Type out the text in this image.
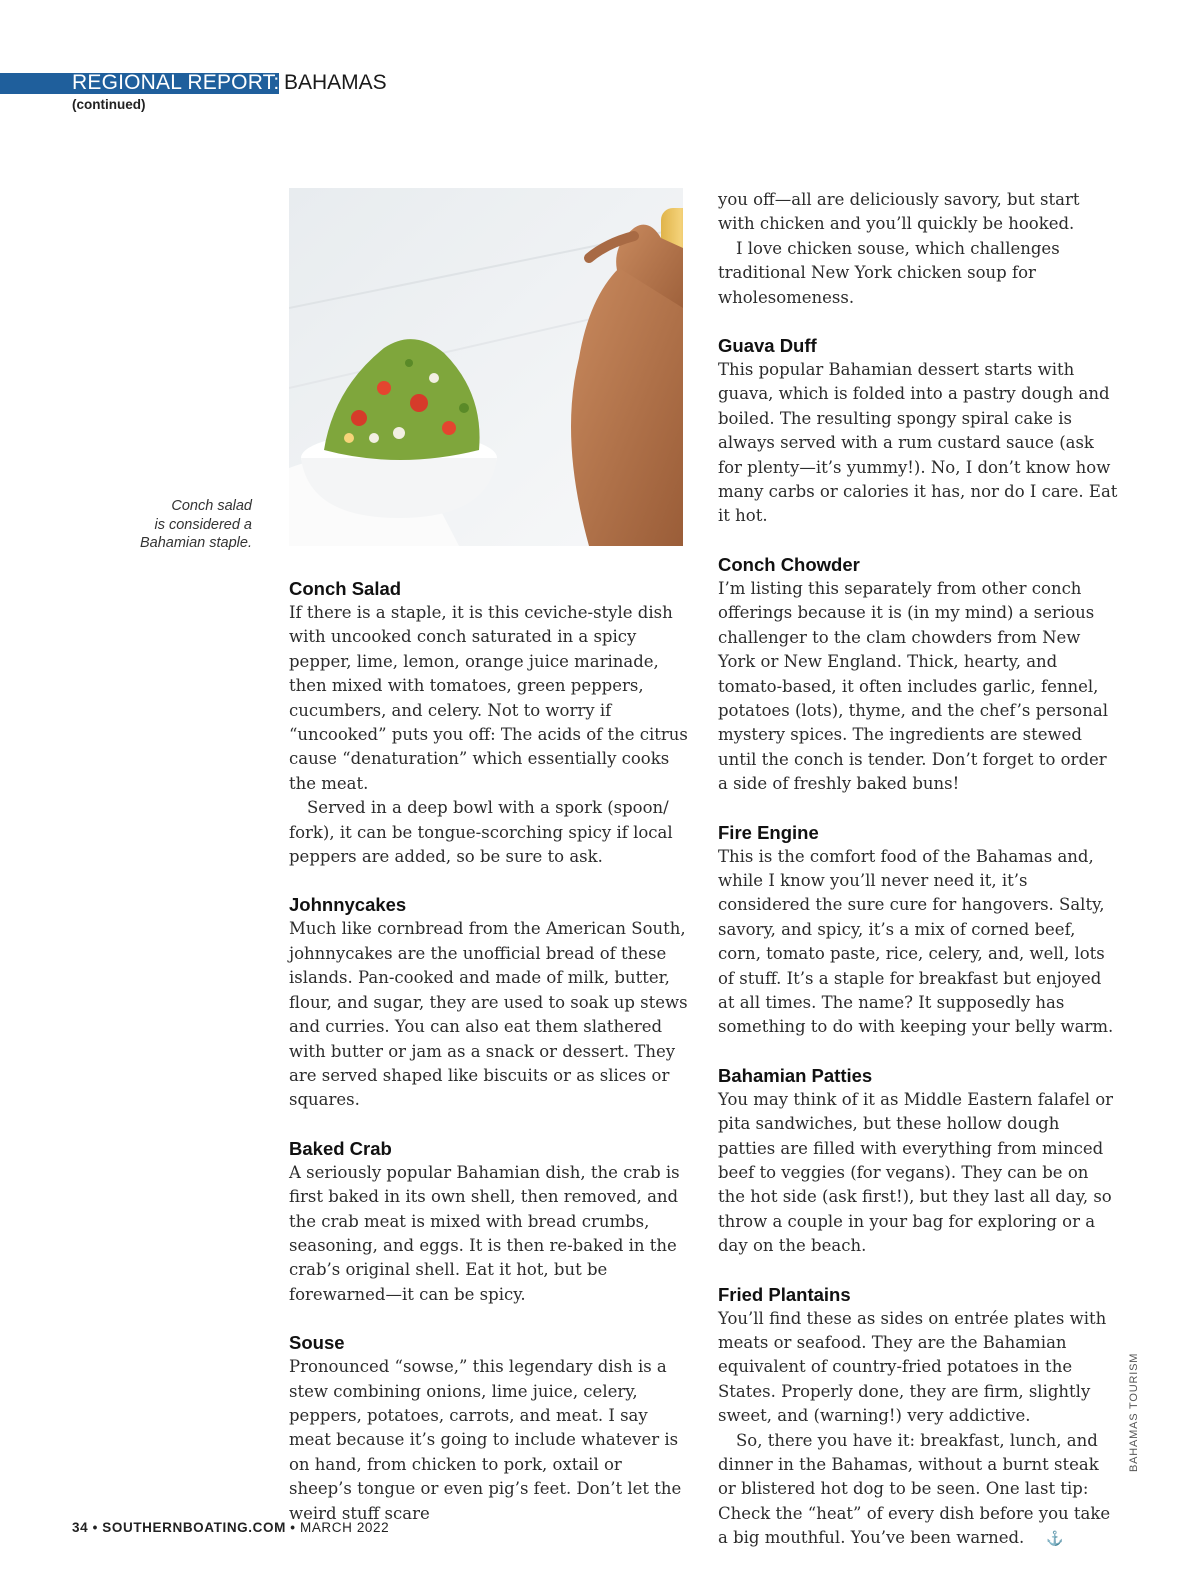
REGIONAL REPORT: BAHAMAS
(continued)
Conch salad
is considered a
Bahamian staple.
Conch Salad

If there is a staple, it is this ceviche-style dish with uncooked conch saturated in a spicy pepper, lime, lemon, orange juice marinade, then mixed with tomatoes, green peppers, cucumbers, and celery. Not to worry if “uncooked” puts you off: The acids of the citrus cause “denaturation” which essentially cooks the meat.

Served in a deep bowl with a spork (spoon/ fork), it can be tongue-scorching spicy if local peppers are added, so be sure to ask.

Johnnycakes

Much like cornbread from the American South, johnnycakes are the unofficial bread of these islands. Pan-cooked and made of milk, butter, flour, and sugar, they are used to soak up stews and curries. You can also eat them slathered with butter or jam as a snack or dessert. They are served shaped like biscuits or as slices or squares.

Baked Crab

A seriously popular Bahamian dish, the crab is first baked in its own shell, then removed, and the crab meat is mixed with bread crumbs, seasoning, and eggs. It is then re-baked in the crab’s original shell. Eat it hot, but be forewarned—it can be spicy.

Souse

Pronounced “sowse,” this legendary dish is a stew combining onions, lime juice, celery, peppers, potatoes, carrots, and meat. I say meat because it’s going to include whatever is on hand, from chicken to pork, oxtail or sheep’s tongue or even pig’s feet. Don’t let the weird stuff scare

you off—all are deliciously savory, but start with chicken and you’ll quickly be hooked.

I love chicken souse, which challenges traditional New York chicken soup for wholesomeness.

Guava Duff

This popular Bahamian dessert starts with guava, which is folded into a pastry dough and boiled. The resulting spongy spiral cake is always served with a rum custard sauce (ask for plenty—it’s yummy!). No, I don’t know how many carbs or calories it has, nor do I care. Eat it hot.

Conch Chowder

I’m listing this separately from other conch offerings because it is (in my mind) a serious challenger to the clam chowders from New York or New England. Thick, hearty, and tomato-based, it often includes garlic, fennel, potatoes (lots), thyme, and the chef’s personal mystery spices. The ingredients are stewed until the conch is tender. Don’t forget to order a side of freshly baked buns!

Fire Engine

This is the comfort food of the Bahamas and, while I know you’ll never need it, it’s considered the sure cure for hangovers. Salty, savory, and spicy, it’s a mix of corned beef, corn, tomato paste, rice, celery, and, well, lots of stuff. It’s a staple for breakfast but enjoyed at all times. The name? It supposedly has something to do with keeping your belly warm.

Bahamian Patties

You may think of it as Middle Eastern falafel or pita sandwiches, but these hollow dough patties are filled with everything from minced beef to veggies (for vegans). They can be on the hot side (ask first!), but they last all day, so throw a couple in your bag for exploring or a day on the beach.

Fried Plantains

You’ll find these as sides on entrée plates with meats or seafood. They are the Bahamian equivalent of country-fried potatoes in the States. Properly done, they are firm, slightly sweet, and (warning!) very addictive.

So, there you have it: breakfast, lunch, and dinner in the Bahamas, without a burnt steak or blistered hot dog to be seen. One last tip: Check the “heat” of every dish before you take a big mouthful. You’ve been warned. ⚓

BAHAMAS TOURISM
34 • SOUTHERNBOATING.COM • MARCH 2022
